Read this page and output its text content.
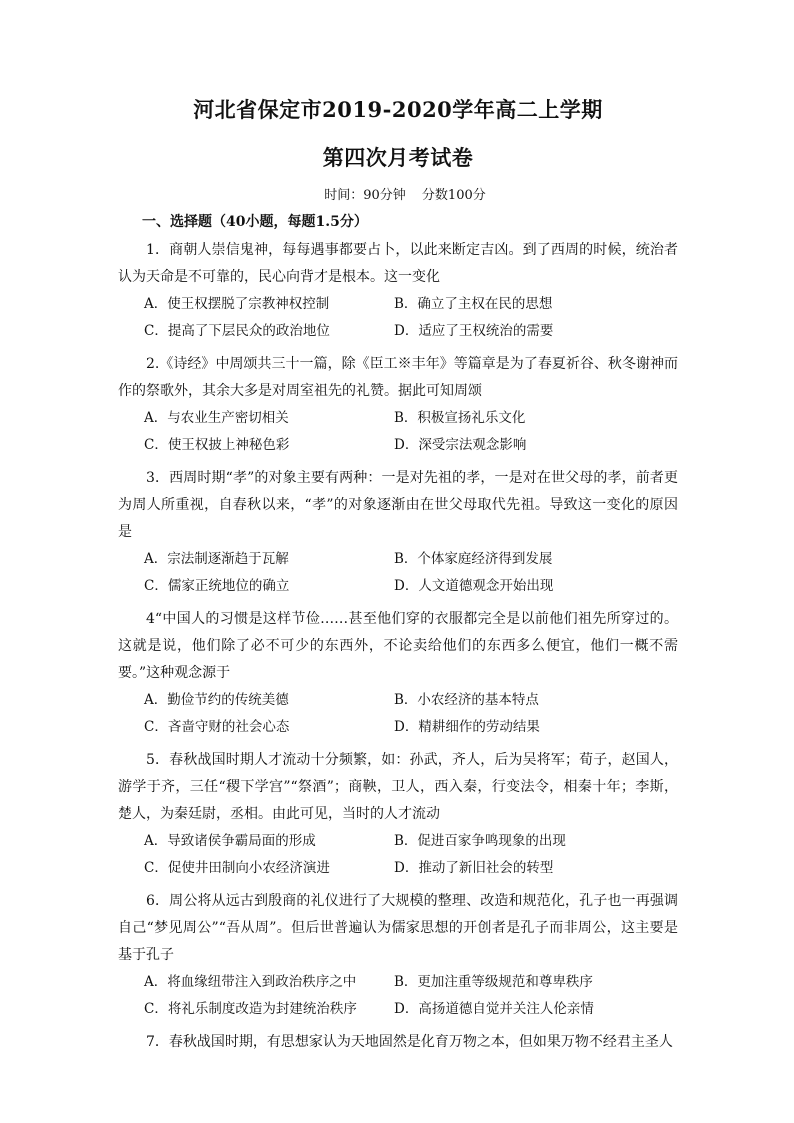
河北省保定市2019-2020学年高二上学期
第四次月考试卷
时间：90分钟 分数100分
一、选择题（40小题，每题1.5分）

1．商朝人崇信鬼神，每每遇事都要占卜，以此来断定吉凶。到了西周的时候，统治者认为天命是不可靠的，民心向背才是根本。这一变化

A．使王权摆脱了宗教神权控制	B．确立了主权在民的思想
C．提高了下层民众的政治地位	D．适应了王权统治的需要

2.《诗经》中周颂共三十一篇，除《臣工※丰年》等篇章是为了春夏祈谷、秋冬谢神而作的祭歌外，其余大多是对周室祖先的礼赞。据此可知周颂

A．与农业生产密切相关	B．积极宣扬礼乐文化
C．使王权披上神秘色彩	D．深受宗法观念影响

3．西周时期“孝”的对象主要有两种：一是对先祖的孝，一是对在世父母的孝，前者更为周人所重视，自春秋以来，“孝”的对象逐渐由在世父母取代先祖。导致这一变化的原因是

A．宗法制逐渐趋于瓦解	B．个体家庭经济得到发展
C．儒家正统地位的确立	D．人文道德观念开始出现

4“中国人的习惯是这样节俭……甚至他们穿的衣服都完全是以前他们祖先所穿过的。这就是说，他们除了必不可少的东西外，不论卖给他们的东西多么便宜，他们一概不需要。”这种观念源于

A．勤俭节约的传统美德	B．小农经济的基本特点
C．吝啬守财的社会心态	D．精耕细作的劳动结果

5．春秋战国时期人才流动十分频繁，如：孙武，齐人，后为吴将军；荀子，赵国人，游学于齐，三任“稷下学宫”“祭酒”；商鞅，卫人，西入秦，行变法令，相秦十年；李斯，楚人，为秦廷尉，丞相。由此可见，当时的人才流动

A．导致诸侯争霸局面的形成	B．促进百家争鸣现象的出现
C．促使井田制向小农经济演进	D．推动了新旧社会的转型

6．周公将从远古到殷商的礼仪进行了大规模的整理、改造和规范化，孔子也一再强调自己“梦见周公”“吾从周”。但后世普遍认为儒家思想的开创者是孔子而非周公，这主要是基于孔子

A．将血缘纽带注入到政治秩序之中	B．更加注重等级规范和尊卑秩序
C．将礼乐制度改造为封建统治秩序	D．高扬道德自觉并关注人伦亲情

7．春秋战国时期，有思想家认为天地固然是化育万物之本，但如果万物不经君主圣人
